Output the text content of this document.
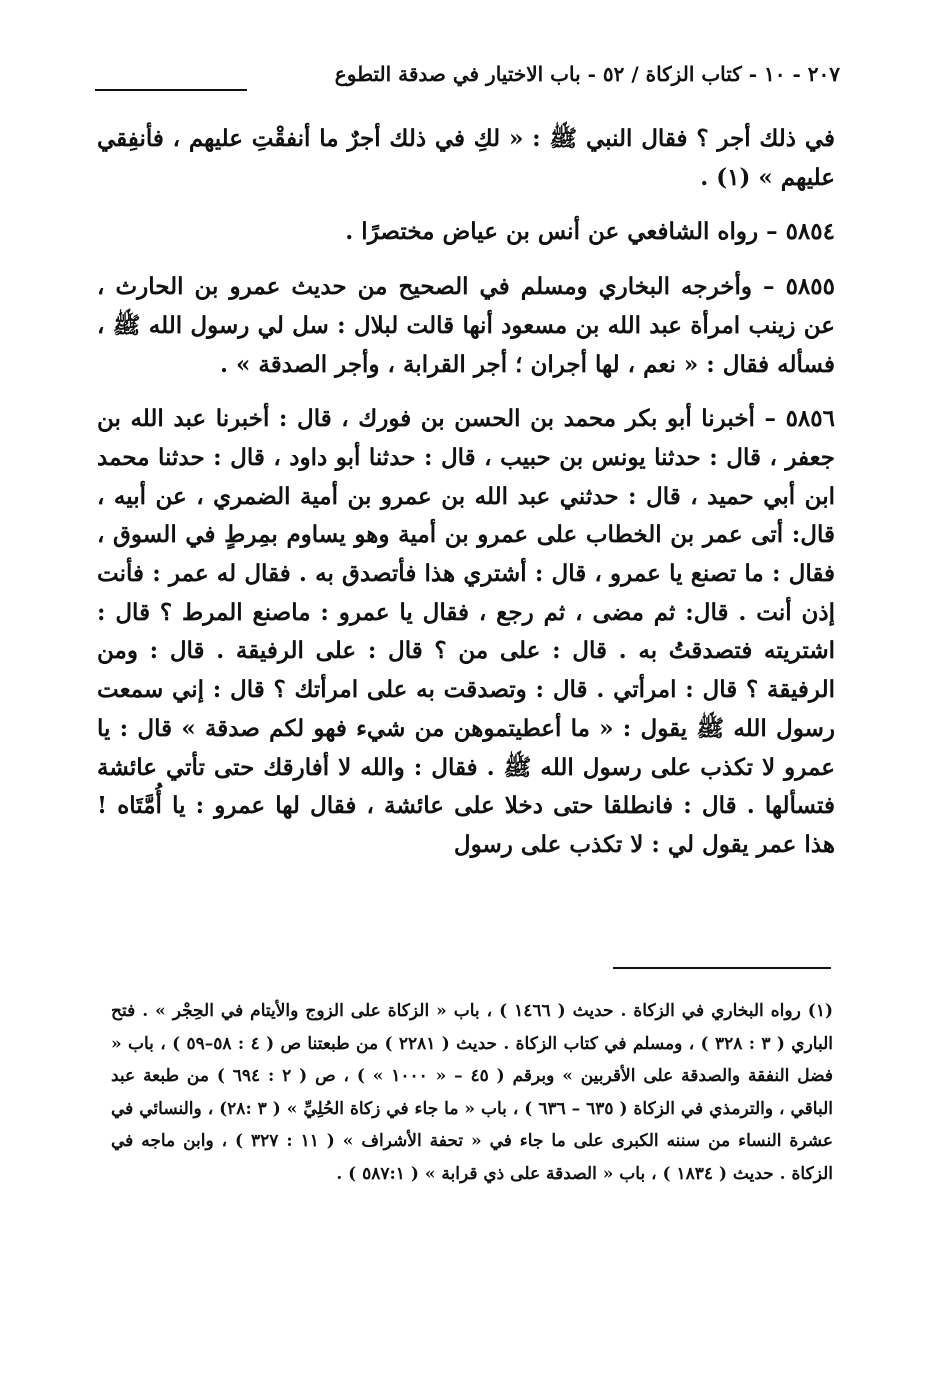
٢٠٧ - ١٠ - كتاب الزكاة / ٥٢ - باب الاختيار في صدقة التطوع

في ذلك أجر ؟ فقال النبي ﷺ : « لكِ في ذلك أجرٌ ما أنفقْتِ عليهم ، فأنفِقي عليهم » (١) .

٥٨٥٤ – رواه الشافعي عن أنس بن عياض مختصرًا .

٥٨٥٥ – وأخرجه البخاري ومسلم في الصحيح من حديث عمرو بن الحارث ، عن زينب امرأة عبد الله بن مسعود أنها قالت لبلال : سل لي رسول الله ﷺ ، فسأله فقال : « نعم ، لها أجران ؛ أجر القرابة ، وأجر الصدقة » .

٥٨٥٦ – أخبرنا أبو بكر محمد بن الحسن بن فورك ، قال : أخبرنا عبد الله بن جعفر ، قال : حدثنا يونس بن حبيب ، قال : حدثنا أبو داود ، قال : حدثنا محمد ابن أبي حميد ، قال : حدثني عبد الله بن عمرو بن أمية الضمري ، عن أبيه ، قال: أتى عمر بن الخطاب على عمرو بن أمية وهو يساوم بمِرطٍ في السوق ، فقال : ما تصنع يا عمرو ، قال : أشتري هذا فأتصدق به . فقال له عمر : فأنت إذن أنت . قال: ثم مضى ، ثم رجع ، فقال يا عمرو : ماصنع المرط ؟ قال : اشتريته فتصدقتُ به . قال : على من ؟ قال : على الرفيقة . قال : ومن الرفيقة ؟ قال : امرأتي . قال : وتصدقت به على امرأتك ؟ قال : إني سمعت رسول الله ﷺ يقول : « ما أعطيتموهن من شيء فهو لكم صدقة » قال : يا عمرو لا تكذب على رسول الله ﷺ . فقال : والله لا أفارقك حتى تأتي عائشة فتسألها . قال : فانطلقا حتى دخلا على عائشة ، فقال لها عمرو : يا أُمَّتَاه ! هذا عمر يقول لي : لا تكذب على رسول

(١) رواه البخاري في الزكاة . حديث ( ١٤٦٦ ) ، باب « الزكاة على الزوج والأيتام في الحِجْر » . فتح الباري ( ٣ : ٣٢٨ ) ، ومسلم في كتاب الزكاة . حديث ( ٢٢٨١ ) من طبعتنا ص ( ٤ : ٥٨–٥٩ ) ، باب « فضل النفقة والصدقة على الأقربين » وبرقم ( ٤٥ – « ١٠٠٠ » ) ، ص ( ٢ : ٦٩٤ ) من طبعة عبد الباقي ، والترمذي في الزكاة ( ٦٣٥ – ٦٣٦ ) ، باب « ما جاء في زكاة الحُلِيِّ » ( ٣ :٢٨) ، والنسائي في عشرة النساء من سننه الكبرى على ما جاء في « تحفة الأشراف » ( ١١ : ٣٢٧ ) ، وابن ماجه في الزكاة . حديث ( ١٨٣٤ ) ، باب « الصدقة على ذي قرابة » ( ٥٨٧:١ ) .
